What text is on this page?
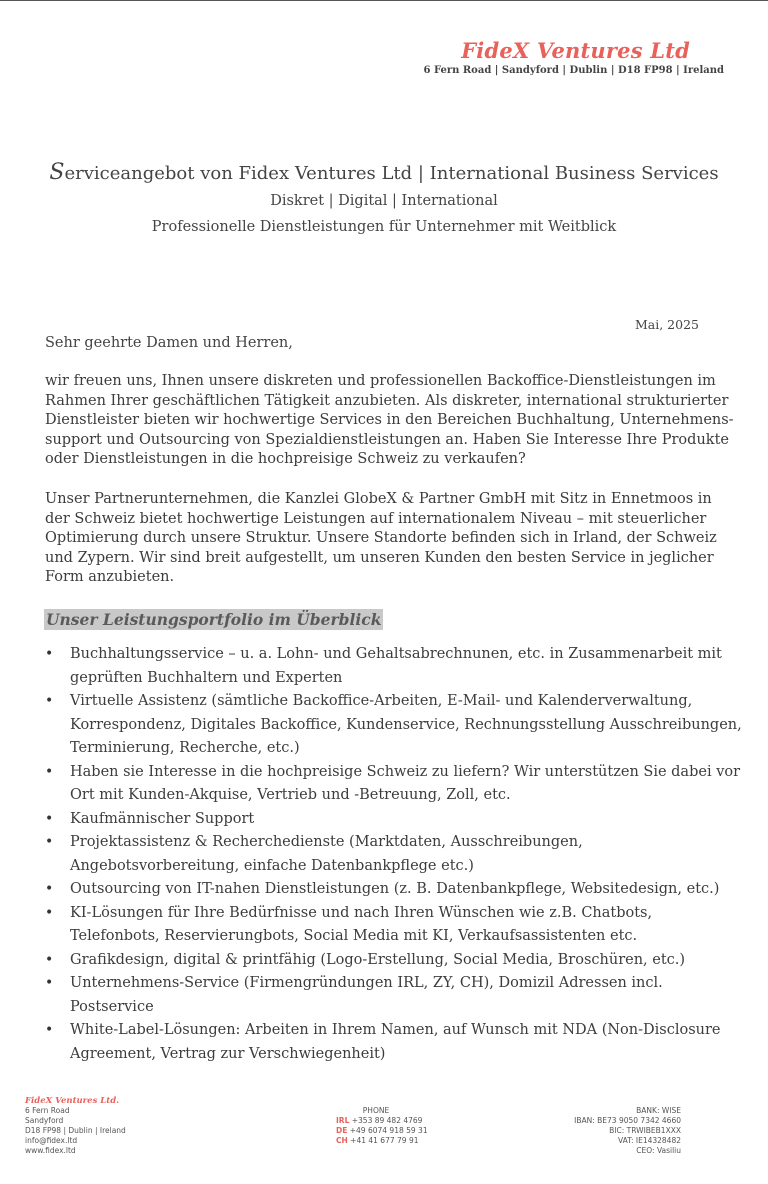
FideX Ventures Ltd
6 Fern Road | Sandyford | Dublin | D18 FP98 | Ireland
Serviceangebot von Fidex Ventures Ltd | International Business Services
Diskret | Digital | International
Professionelle Dienstleistungen für Unternehmer mit Weitblick
Mai, 2025
Sehr geehrte Damen und Herren,

wir freuen uns, Ihnen unsere diskreten und professionellen Backoffice-Dienstleistungen im Rahmen Ihrer geschäftlichen Tätigkeit anzubieten. Als diskreter, international strukturierter Dienstleister bieten wir hochwertige Services in den Bereichen Buchhaltung, Unternehmens-support und Outsourcing von Spezialdienstleistungen an. Haben Sie Interesse Ihre Produkte oder Dienstleistungen in die hochpreisige Schweiz zu verkaufen?

Unser Partnerunternehmen, die Kanzlei GlobeX & Partner GmbH mit Sitz in Ennetmoos in der Schweiz bietet hochwertige Leistungen auf internationalem Niveau – mit steuerlicher Optimierung durch unsere Struktur. Unsere Standorte befinden sich in Irland, der Schweiz und Zypern. Wir sind breit aufgestellt, um unseren Kunden den besten Service in jeglicher Form anzubieten.

Unser Leistungsportfolio im Überblick
• Buchhaltungsservice – u. a. Lohn- und Gehaltsabrechnunen, etc. in Zusammenarbeit mit geprüften Buchhaltern und Experten
• Virtuelle Assistenz (sämtliche Backoffice-Arbeiten, E-Mail- und Kalenderverwaltung, Korrespondenz, Digitales Backoffice, Kundenservice, Rechnungsstellung Ausschreibungen, Terminierung, Recherche, etc.)
• Haben sie Interesse in die hochpreisige Schweiz zu liefern? Wir unterstützen Sie dabei vor Ort mit Kunden-Akquise, Vertrieb und -Betreuung, Zoll, etc.
• Kaufmännischer Support
• Projektassistenz & Recherchedienste (Marktdaten, Ausschreibungen, Angebotsvorbereitung, einfache Datenbankpflege etc.)
• Outsourcing von IT-nahen Dienstleistungen (z. B. Datenbankpflege, Websitedesign, etc.)
• KI-Lösungen für Ihre Bedürfnisse und nach Ihren Wünschen wie z.B. Chatbots, Telefonbots, Reservierungbots, Social Media mit KI, Verkaufsassistenten etc.
• Grafikdesign, digital & printfähig (Logo-Erstellung, Social Media, Broschüren, etc.)
• Unternehmens-Service (Firmengründungen IRL, ZY, CH), Domizil Adressen incl. Postservice
• White-Label-Lösungen: Arbeiten in Ihrem Namen, auf Wunsch mit NDA (Non-Disclosure Agreement, Vertrag zur Verschwiegenheit)
FideX Ventures Ltd.
6 Fern Road
Sandyford
D18 FP98 | Dublin | Ireland
info@fidex.ltd
www.fidex.ltd
PHONE
IRL +353 89 482 4769
DE +49 6074 918 59 31
CH +41 41 677 79 91
BANK: WISE
IBAN: BE73 9050 7342 4660
BIC: TRWIBEB1XXX
VAT: IE14328482
CEO: Vasiliu
